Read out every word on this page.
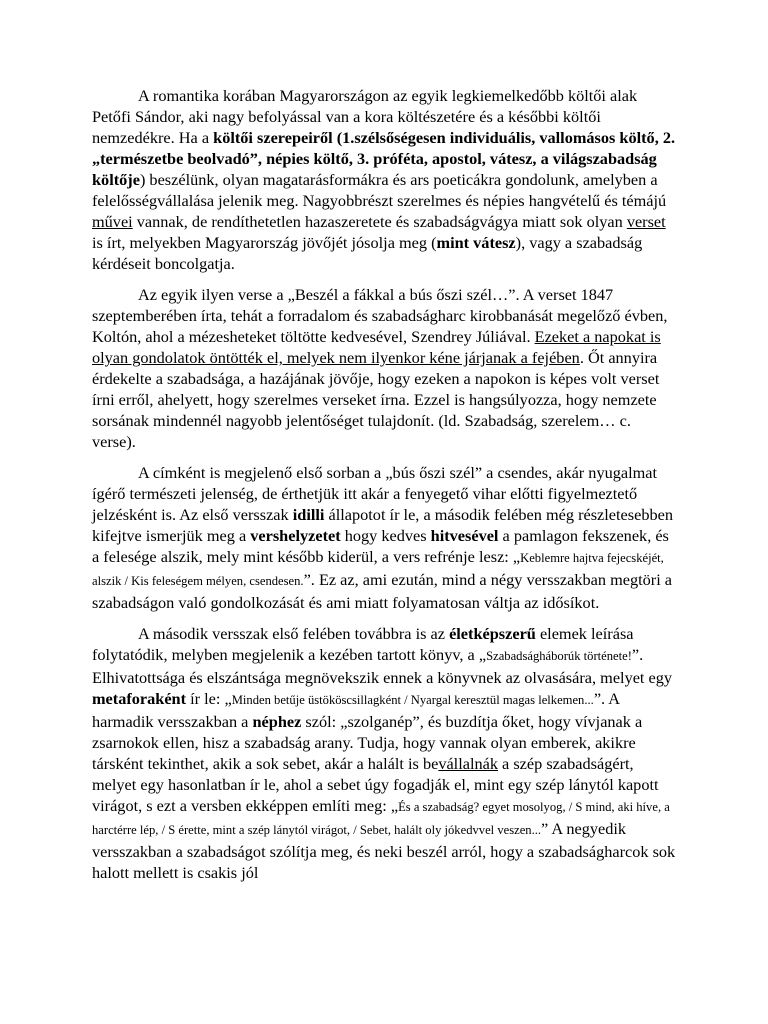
A romantika korában Magyarországon az egyik legkiemelkedőbb költői alak Petőfi Sándor, aki nagy befolyással van a kora költészetére és a későbbi költői nemzedékre. Ha a költői szerepeiről (1.szélsőségesen individuális, vallomásos költő, 2.„természetbe beolvadó”, népies költő, 3. próféta, apostol, vátesz, a világszabadság költője) beszélünk, olyan magatarásformákra és ars poeticákra gondolunk, amelyben a felelősségvállalása jelenik meg. Nagyobbrészt szerelmes és népies hangvételű és témájú művei vannak, de rendíthetetlen hazaszeretete és szabadságvágya miatt sok olyan verset is írt, melyekben Magyarország jövőjét jósolja meg (mint vátesz), vagy a szabadság kérdéseit boncolgatja.

Az egyik ilyen verse a „Beszél a fákkal a bús őszi szél…”. A verset 1847 szeptemberében írta, tehát a forradalom és szabadságharc kirobbanását megelőző évben, Koltón, ahol a mézesheteket töltötte kedvesével, Szendrey Júliával. Ezeket a napokat is olyan gondolatok öntötték el, melyek nem ilyenkor kéne járjanak a fejében. Őt annyira érdekelte a szabadsága, a hazájának jövője, hogy ezeken a napokon is képes volt verset írni erről, ahelyett, hogy szerelmes verseket írna. Ezzel is hangsúlyozza, hogy nemzete sorsának mindennél nagyobb jelentőséget tulajdonít. (ld. Szabadság, szerelem… c. verse).

A címként is megjelenő első sorban a „bús őszi szél” a csendes, akár nyugalmat ígérő természeti jelenség, de érthetjük itt akár a fenyegető vihar előtti figyelmeztető jelzésként is. Az első versszak idilli állapotot ír le, a második felében még részletesebben kifejtve ismerjük meg a vershelyzetet hogy kedves hitvesével a pamlagon fekszenek, és a felesége alszik, mely mint később kiderül, a vers refrénje lesz: „Keblemre hajtva fejecskéjét, alszik / Kis feleségem mélyen, csendesen.”. Ez az, ami ezután, mind a négy versszakban megtöri a szabadságon való gondolkozását és ami miatt folyamatosan váltja az idősíkot.

A második versszak első felében továbbra is az életképszerű elemek leírása folytatódik, melyben megjelenik a kezében tartott könyv, a „Szabadságháborúk története!”. Elhivatottsága és elszántsága megnövekszik ennek a könyvnek az olvasására, melyet egy metaforaként ír le: „Minden betűje üstököscsillagként / Nyargal keresztül magas lelkemen...”. A harmadik versszakban a néphez szól: „szolganép”, és buzdítja őket, hogy vívjanak a zsarnokok ellen, hisz a szabadság arany. Tudja, hogy vannak olyan emberek, akikre társként tekinthet, akik a sok sebet, akár a halált is bevállalnák a szép szabadságért, melyet egy hasonlatban ír le, ahol a sebet úgy fogadják el, mint egy szép lánytól kapott virágot, s ezt a versben ekképpen említi meg: „És a szabadság? egyet mosolyog, / S mind, aki híve, a harctérre lép, / S érette, mint a szép lánytól virágot, / Sebet, halált oly jókedvvel veszen...” A negyedik versszakban a szabadságot szólítja meg, és neki beszél arról, hogy a szabadságharcok sok halott mellett is csakis jól
